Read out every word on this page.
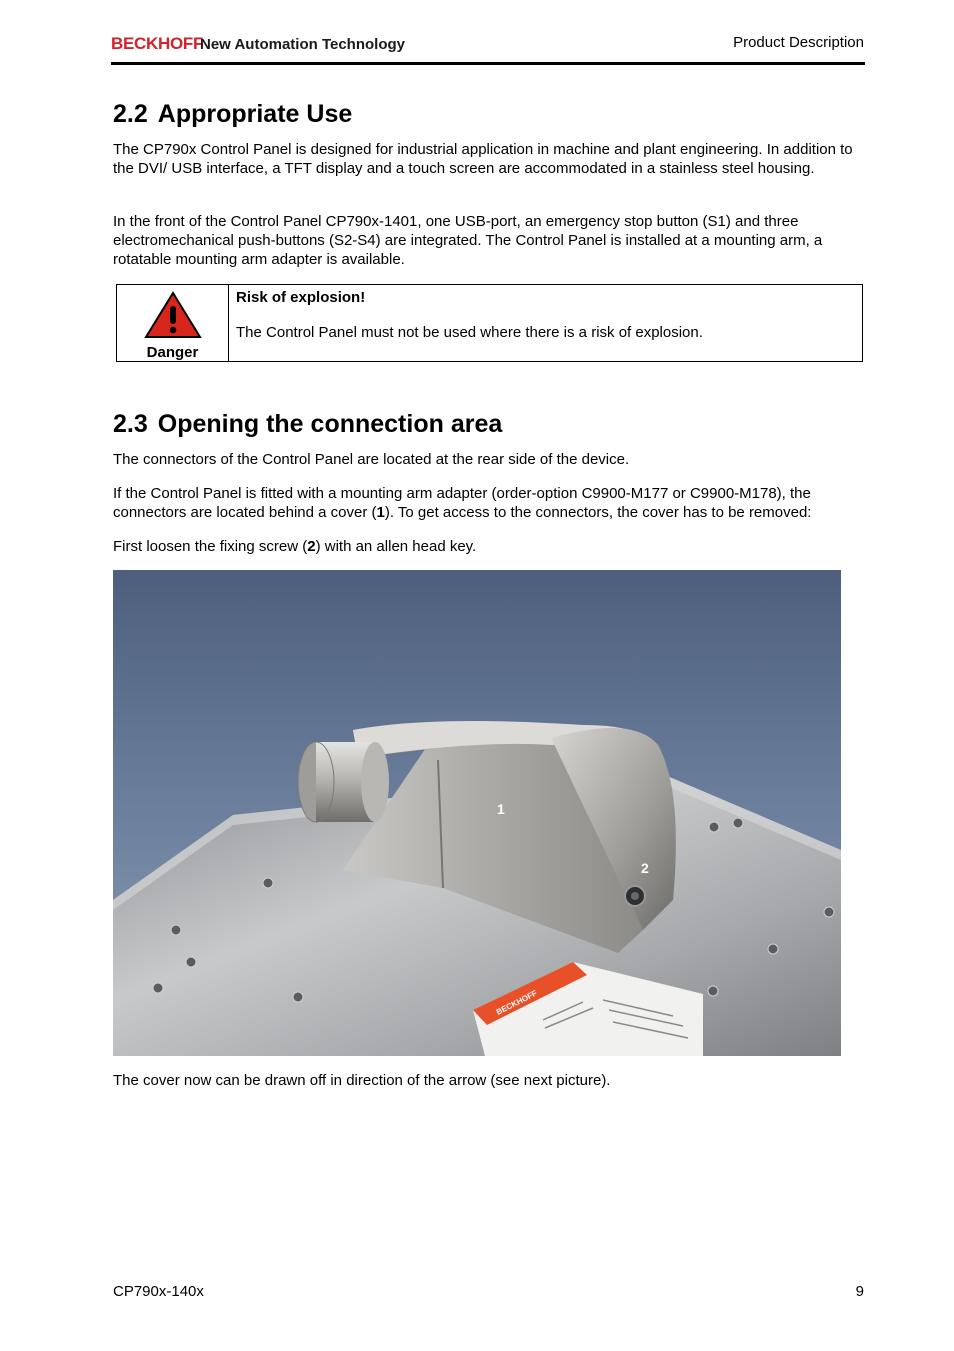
BECKHOFF
New Automation Technology	Product Description
2.2 Appropriate Use

The CP790x Control Panel is designed for industrial application in machine and plant engineering. In addition to the DVI/ USB interface, a TFT display and a touch screen are accommodated in a stainless steel housing.

In the front of the Control Panel CP790x-1401, one USB-port, an emergency stop button (S1) and three electromechanical push-buttons (S2-S4) are integrated. The Control Panel is installed at a mounting arm, a rotatable mounting arm adapter is available.

Danger
Risk of explosion!
The Control Panel must not be used where there is a risk of explosion.
2.3 Opening the connection area

The connectors of the Control Panel are located at the rear side of the device.

If the Control Panel is fitted with a mounting arm adapter (order-option C9900-M177 or C9900-M178), the connectors are located behind a cover (1). To get access to the connectors, the cover has to be removed:

First loosen the fixing screw (2) with an allen head key.

BECKHOFF
1
2

The cover now can be drawn off in direction of the arrow (see next picture).

CP790x-140x	9
